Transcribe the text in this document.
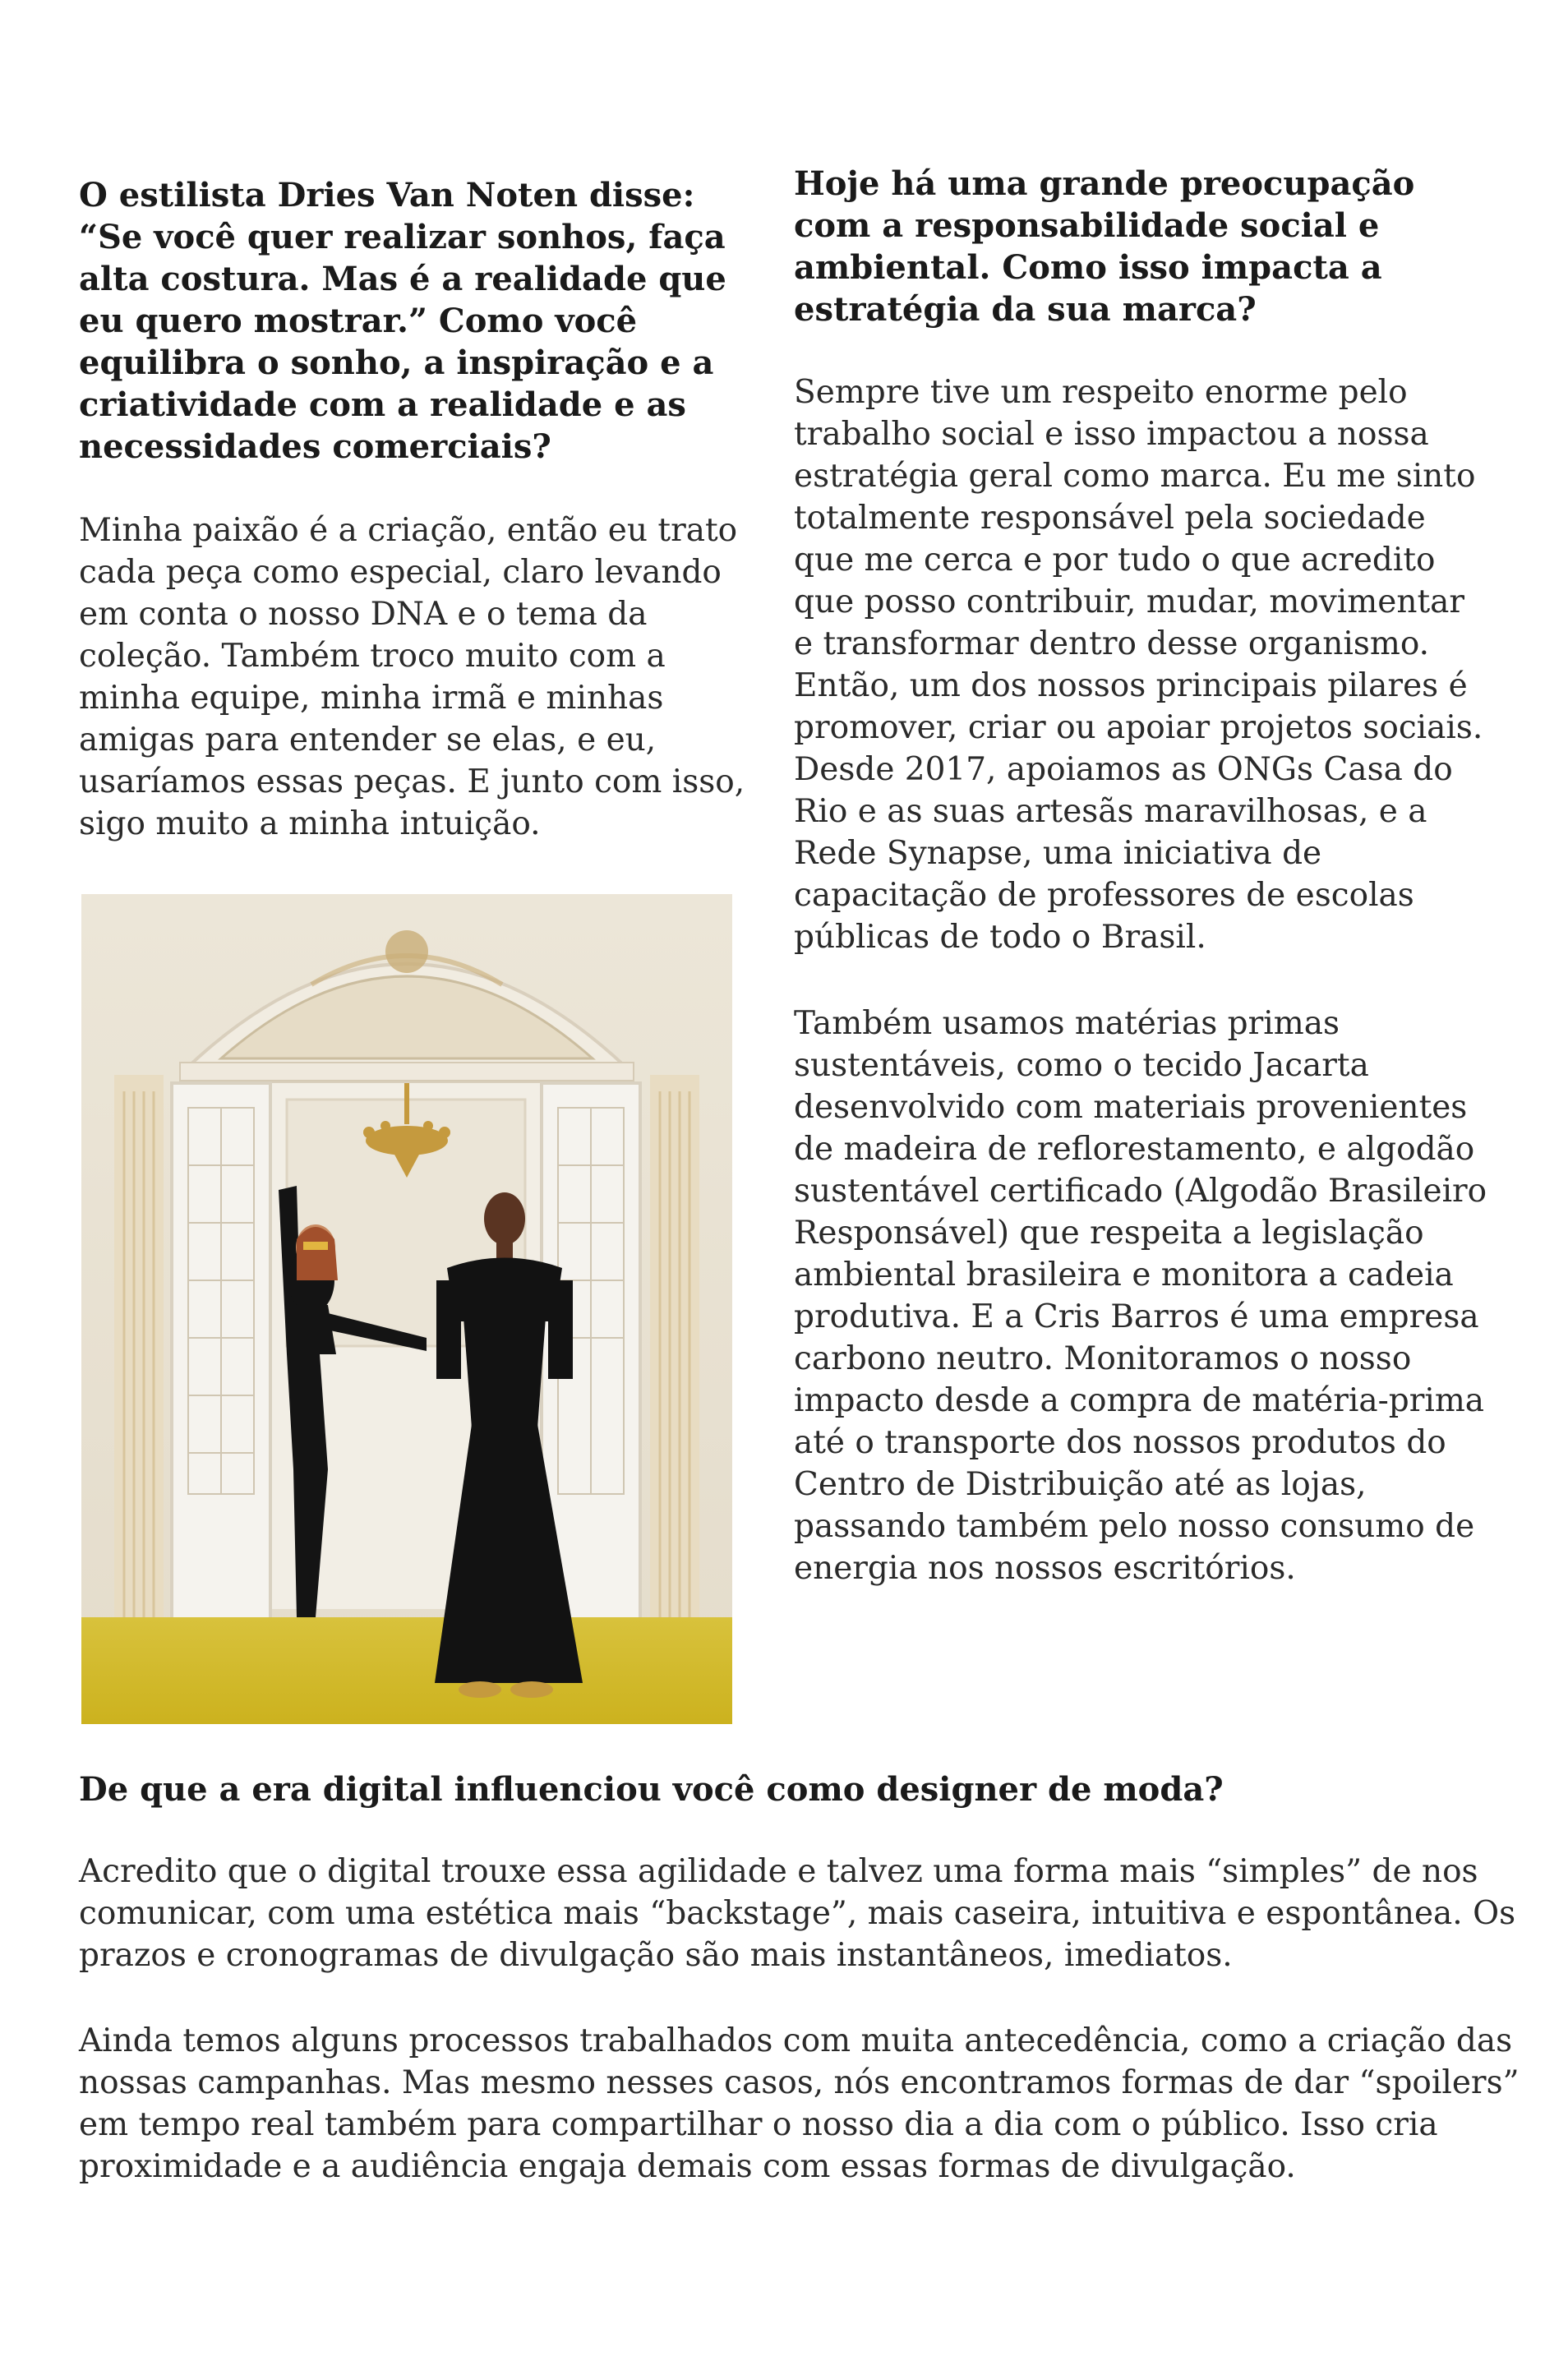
O estilista Dries Van Noten disse: “Se você quer realizar sonhos, faça alta costura. Mas é a realidade que eu quero mostrar.” Como você equilibra o sonho, a inspiração e a criatividade com a realidade e as necessidades comerciais?

Minha paixão é a criação, então eu trato cada peça como especial, claro levando em conta o nosso DNA e o tema da coleção. Também troco muito com a minha equipe, minha irmã e minhas amigas para entender se elas, e eu, usaríamos essas peças. E junto com isso, sigo muito a minha intuição.

Hoje há uma grande preocupação com a responsabilidade social e ambiental. Como isso impacta a estratégia da sua marca?

Sempre tive um respeito enorme pelo trabalho social e isso impactou a nossa estratégia geral como marca. Eu me sinto totalmente responsável pela sociedade que me cerca e por tudo o que acredito que posso contribuir, mudar, movimentar e transformar dentro desse organismo. Então, um dos nossos principais pilares é promover, criar ou apoiar projetos sociais. Desde 2017, apoiamos as ONGs Casa do Rio e as suas artesãs maravilhosas, e a Rede Synapse, uma iniciativa de capacitação de professores de escolas públicas de todo o Brasil.

Também usamos matérias primas sustentáveis, como o tecido Jacarta desenvolvido com materiais provenientes de madeira de reflorestamento, e algodão sustentável certificado (Algodão Brasileiro Responsável) que respeita a legislação ambiental brasileira e monitora a cadeia produtiva. E a Cris Barros é uma empresa carbono neutro. Monitoramos o nosso impacto desde a compra de matéria-prima até o transporte dos nossos produtos do Centro de Distribuição até as lojas, passando também pelo nosso consumo de energia nos nossos escritórios.

De que a era digital influenciou você como designer de moda?

Acredito que o digital trouxe essa agilidade e talvez uma forma mais “simples” de nos comunicar, com uma estética mais “backstage”, mais caseira, intuitiva e espontânea. Os prazos e cronogramas de divulgação são mais instantâneos, imediatos.

Ainda temos alguns processos trabalhados com muita antecedência, como a criação das nossas campanhas. Mas mesmo nesses casos, nós encontramos formas de dar “spoilers” em tempo real também para compartilhar o nosso dia a dia com o público. Isso cria proximidade e a audiência engaja demais com essas formas de divulgação.
